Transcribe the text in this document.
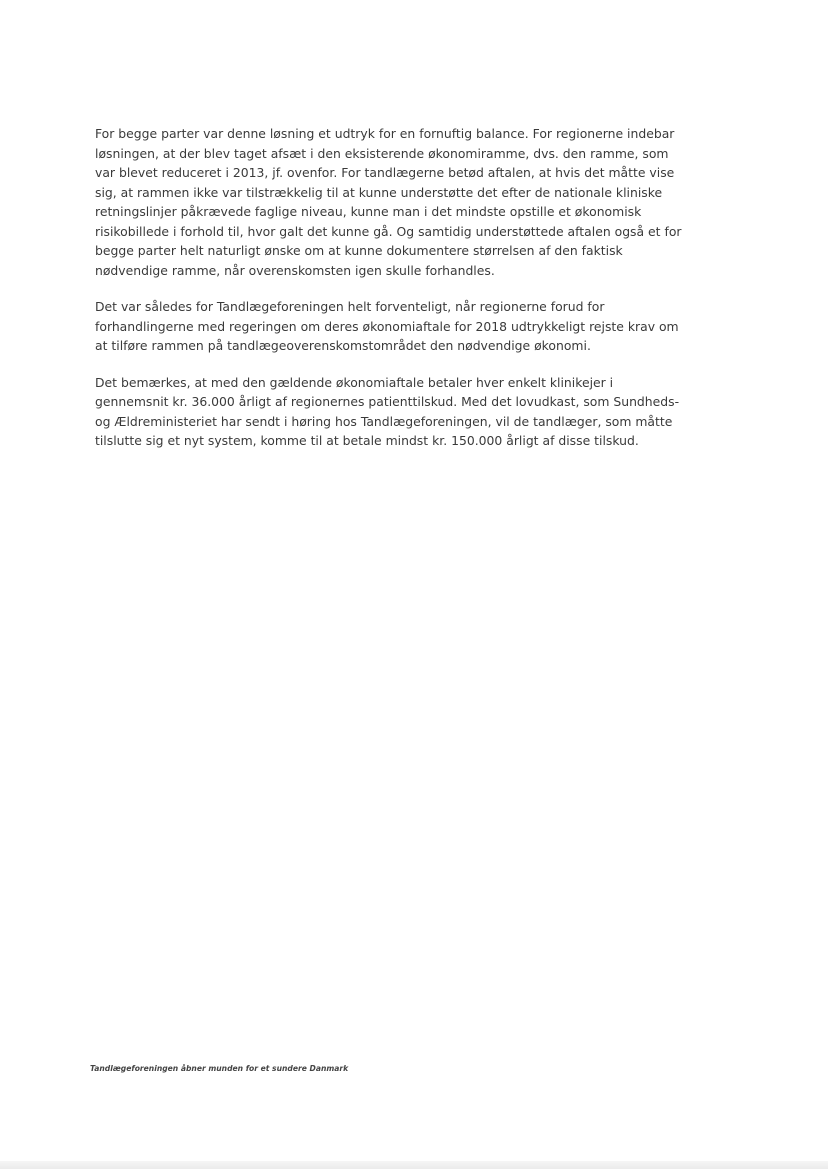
For begge parter var denne løsning et udtryk for en fornuftig balance. For regionerne indebar
løsningen, at der blev taget afsæt i den eksisterende økonomiramme, dvs. den ramme, som
var blevet reduceret i 2013, jf. ovenfor. For tandlægerne betød aftalen, at hvis det måtte vise
sig, at rammen ikke var tilstrækkelig til at kunne understøtte det efter de nationale kliniske
retningslinjer påkrævede faglige niveau, kunne man i det mindste opstille et økonomisk
risikobillede i forhold til, hvor galt det kunne gå. Og samtidig understøttede aftalen også et for
begge parter helt naturligt ønske om at kunne dokumentere størrelsen af den faktisk
nødvendige ramme, når overenskomsten igen skulle forhandles.

Det var således for Tandlægeforeningen helt forventeligt, når regionerne forud for
forhandlingerne med regeringen om deres økonomiaftale for 2018 udtrykkeligt rejste krav om
at tilføre rammen på tandlægeoverenskomstområdet den nødvendige økonomi.

Det bemærkes, at med den gældende økonomiaftale betaler hver enkelt klinikejer i
gennemsnit kr. 36.000 årligt af regionernes patienttilskud. Med det lovudkast, som Sundheds-
og Ældreministeriet har sendt i høring hos Tandlægeforeningen, vil de tandlæger, som måtte
tilslutte sig et nyt system, komme til at betale mindst kr. 150.000 årligt af disse tilskud.

Tandlægeforeningen åbner munden for et sundere Danmark
